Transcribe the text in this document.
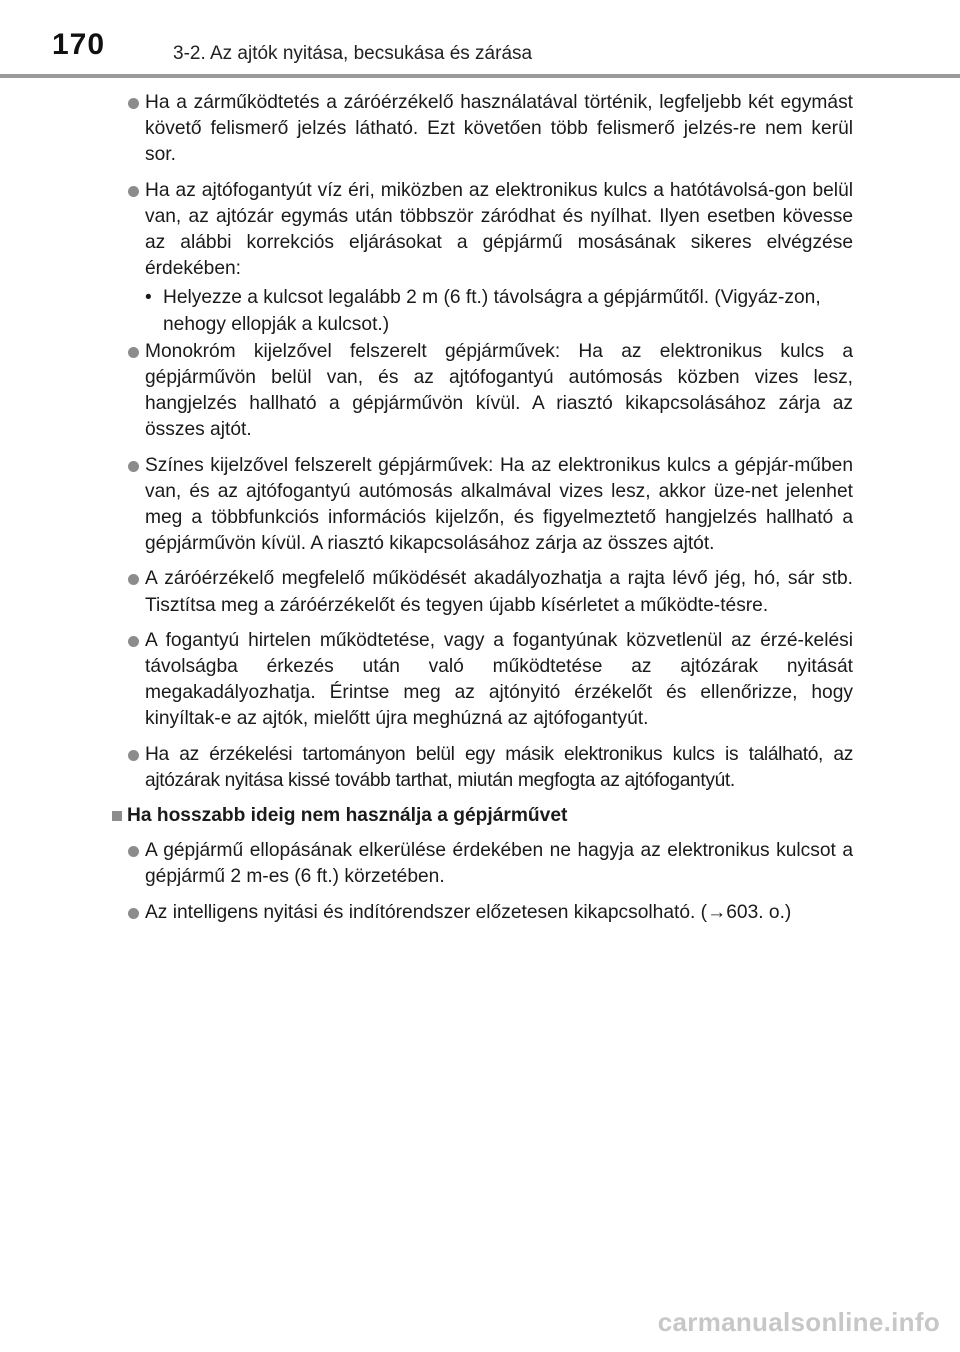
170	3-2. Az ajtók nyitása, becsukása és zárása
Ha a zárműködtetés a záróérzékelő használatával történik, legfeljebb két egymást követő felismerő jelzés látható. Ezt követően több felismerő jelzés-re nem kerül sor.
Ha az ajtófogantyút víz éri, miközben az elektronikus kulcs a hatótávolsá-gon belül van, az ajtózár egymás után többször záródhat és nyílhat. Ilyen esetben kövesse az alábbi korrekciós eljárásokat a gépjármű mosásának sikeres elvégzése érdekében:
• Helyezze a kulcsot legalább 2 m (6 ft.) távolságra a gépjárműtől. (Vigyáz-zon, nehogy ellopják a kulcsot.)
Monokróm kijelzővel felszerelt gépjárművek: Ha az elektronikus kulcs a gépjárművön belül van, és az ajtófogantyú autómosás közben vizes lesz, hangjelzés hallható a gépjárművön kívül. A riasztó kikapcsolásához zárja az összes ajtót.
Színes kijelzővel felszerelt gépjárművek: Ha az elektronikus kulcs a gépjár-műben van, és az ajtófogantyú autómosás alkalmával vizes lesz, akkor üze-net jelenhet meg a többfunkciós információs kijelzőn, és figyelmeztető hangjelzés hallható a gépjárművön kívül. A riasztó kikapcsolásához zárja az összes ajtót.
A záróérzékelő megfelelő működését akadályozhatja a rajta lévő jég, hó, sár stb. Tisztítsa meg a záróérzékelőt és tegyen újabb kísérletet a működte-tésre.
A fogantyú hirtelen működtetése, vagy a fogantyúnak közvetlenül az érzé-kelési távolságba érkezés után való működtetése az ajtózárak nyitását megakadályozhatja. Érintse meg az ajtónyitó érzékelőt és ellenőrizze, hogy kinyíltak-e az ajtók, mielőtt újra meghúzná az ajtófogantyút.
Ha az érzékelési tartományon belül egy másik elektronikus kulcs is található, az ajtózárak nyitása kissé tovább tarthat, miután megfogta az ajtófogantyút.
Ha hosszabb ideig nem használja a gépjárművet
A gépjármű ellopásának elkerülése érdekében ne hagyja az elektronikus kulcsot a gépjármű 2 m-es (6 ft.) körzetében.
Az intelligens nyitási és indítórendszer előzetesen kikapcsolható. (→603. o.)
carmanualsonline.info
